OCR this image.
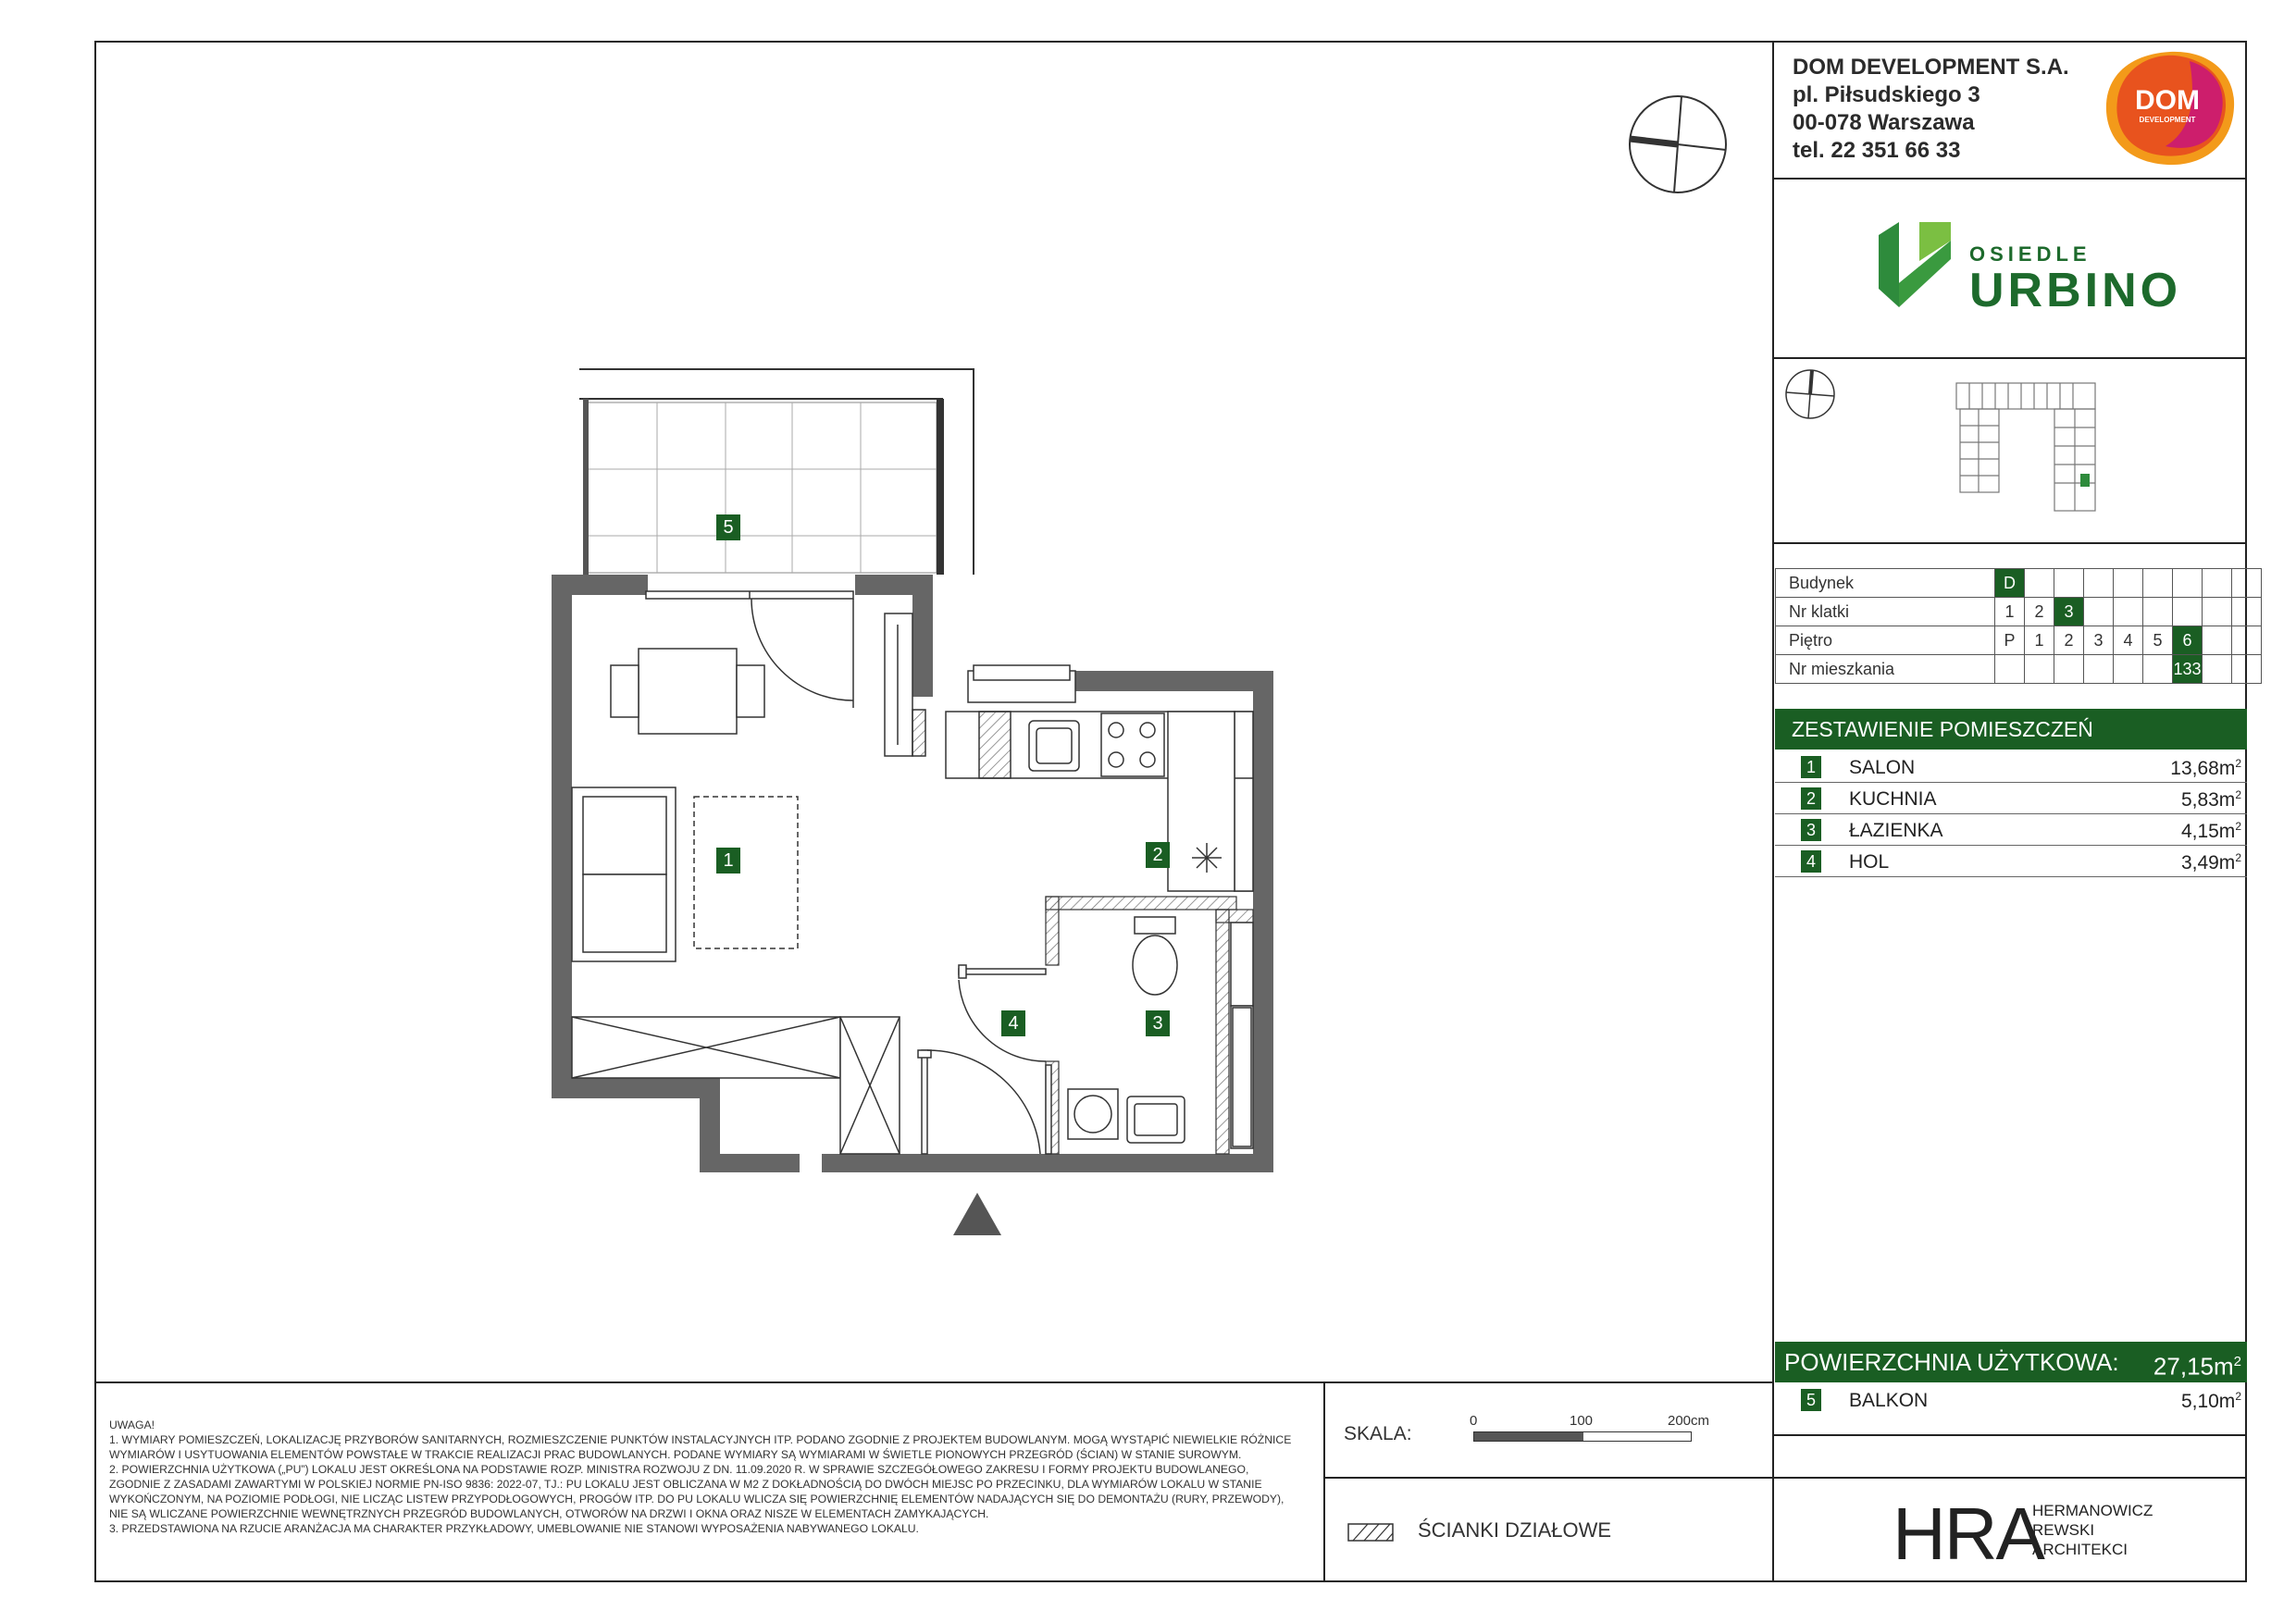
DOM DEVELOPMENT S.A.
pl. Piłsudskiego 3
00-078 Warszawa
tel. 22 351 66 33
DOM
DEVELOPMENT
OSIEDLE
URBINO
Budynek	D								
Nr klatki	1	2	3						
Piętro	P	1	2	3	4	5	6		
Nr mieszkania							133		
ZESTAWIENIE POMIESZCZEŃ
1 SALON	$13,68m^2$
2 KUCHNIA	$5,83m^2$
3 ŁAZIENKA	$4,15m^2$
4 HOL	$3,49m^2$
POWIERZCHNIA UŻYTKOWA: $27,15m^2$
5 BALKON	$5,10m^2$
5
1	2
4	3
UWAGA!
1. WYMIARY POMIESZCZEŃ, LOKALIZACJĘ PRZYBORÓW SANITARNYCH, ROZMIESZCZENIE PUNKTÓW INSTALACYJNYCH ITP. PODANO ZGODNIE Z PROJEKTEM BUDOWLANYM. MOGĄ WYSTĄPIĆ NIEWIELKIE RÓŻNICE
WYMIARÓW I USYTUOWANIA ELEMENTÓW POWSTAŁE W TRAKCIE REALIZACJI PRAC BUDOWLANYCH. PODANE WYMIARY SĄ WYMIARAMI W ŚWIETLE PIONOWYCH PRZEGRÓD (ŚCIAN) W STANIE SUROWYM.
2. POWIERZCHNIA UŻYTKOWA („PU”) LOKALU JEST OKREŚLONA NA PODSTAWIE ROZP. MINISTRA ROZWOJU Z DN. 11.09.2020 R. W SPRAWIE SZCZEGÓŁOWEGO ZAKRESU I FORMY PROJEKTU BUDOWLANEGO,
ZGODNIE Z ZASADAMI ZAWARTYMI W POLSKIEJ NORMIE PN-ISO 9836: 2022-07, TJ.: PU LOKALU JEST OBLICZANA W M2 Z DOKŁADNOŚCIĄ DO DWÓCH MIEJSC PO PRZECINKU, DLA WYMIARÓW LOKALU W STANIE
WYKOŃCZONYM, NA POZIOMIE PODŁOGI, NIE LICZĄC LISTEW PRZYPODŁOGOWYCH, PROGÓW ITP. DO PU LOKALU WLICZA SIĘ POWIERZCHNIĘ ELEMENTÓW NADAJĄCYCH SIĘ DO DEMONTAŻU (RURY, PRZEWODY),
NIE SĄ WLICZANE POWIERZCHNIE WEWNĘTRZNYCH PRZEGRÓD BUDOWLANYCH, OTWORÓW NA DRZWI I OKNA ORAZ NISZE W ELEMENTACH ZAMYKAJĄCYCH.
3. PRZEDSTAWIONA NA RZUCIE ARANŻACJA MA CHARAKTER PRZYKŁADOWY, UMEBLOWANIE NIE STANOWI WYPOSAŻENIA NABYWANEGO LOKALU.
SKALA:
0	100	200cm
ŚCIANKI DZIAŁOWE	HRA
HERMANOWICZ
REWSKI
ARCHITEKCI
